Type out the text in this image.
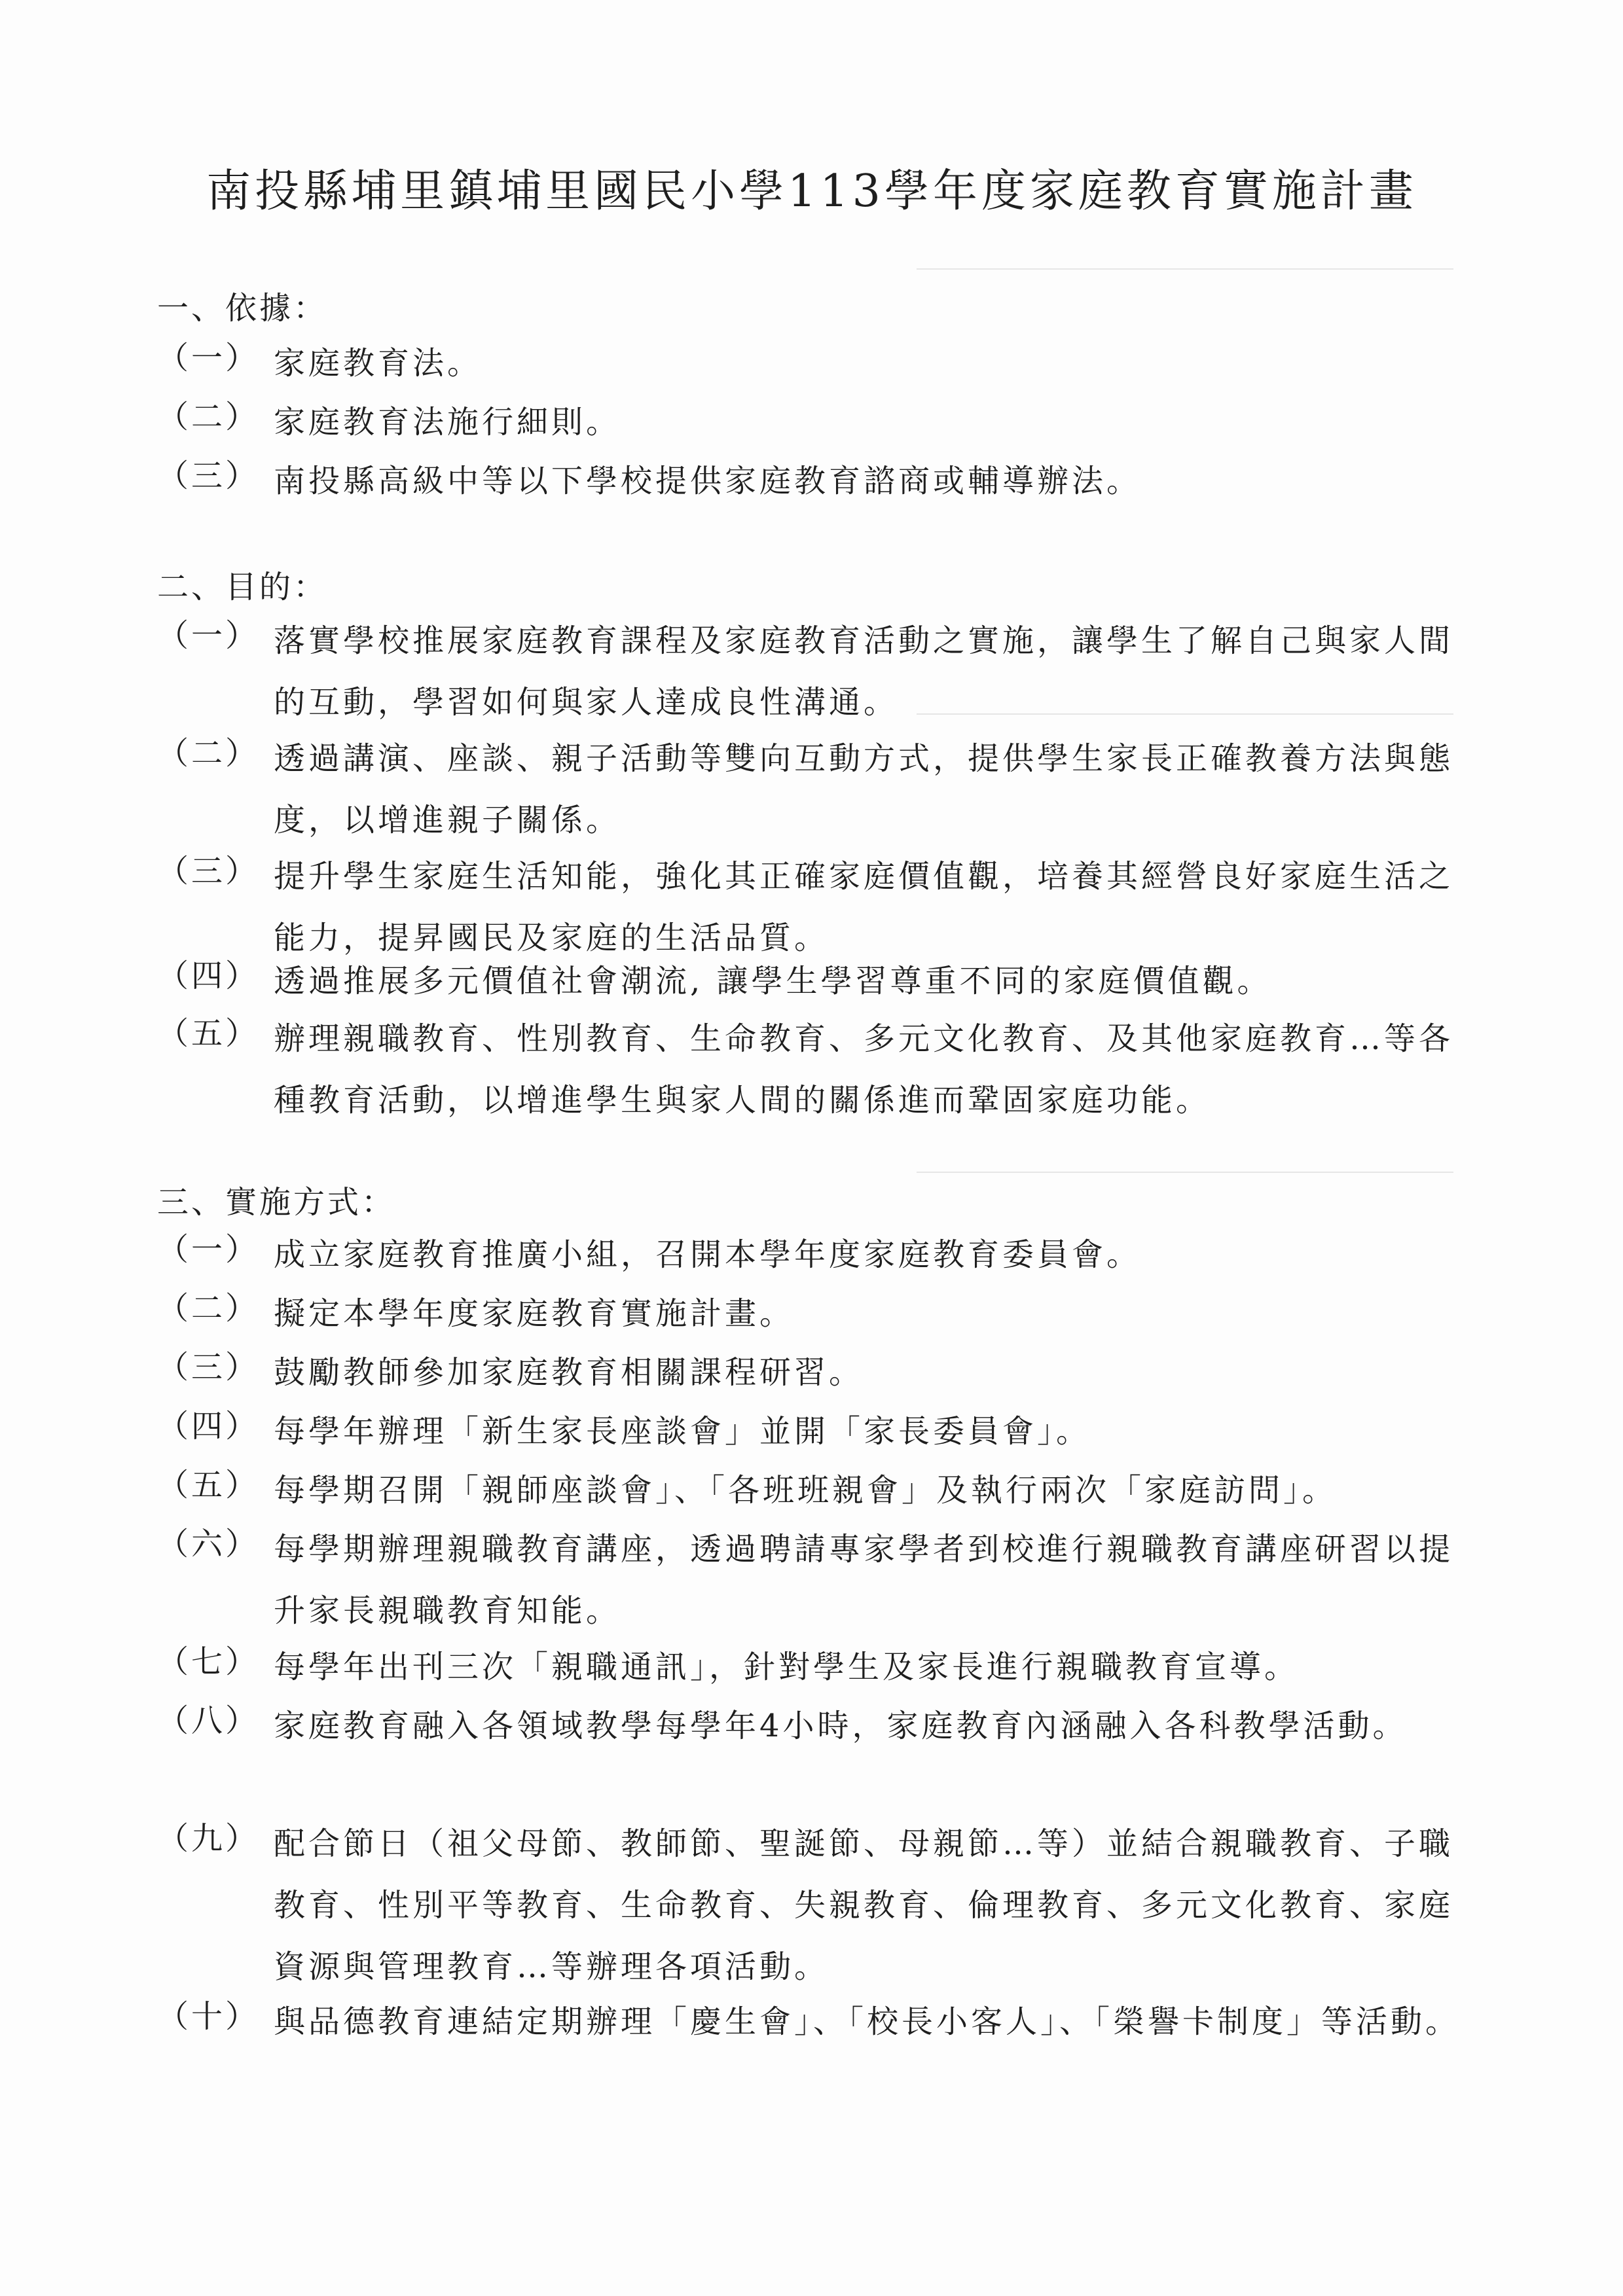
南投縣埔里鎮埔里國民小學113學年度家庭教育實施計畫
一、依據：
（一） 家庭教育法。
（二） 家庭教育法施行細則。
（三） 南投縣高級中等以下學校提供家庭教育諮商或輔導辦法。
二、目的：
（一） 落實學校推展家庭教育課程及家庭教育活動之實施，讓學生了解自己與家人間的互動，學習如何與家人達成良性溝通。
（二） 透過講演、座談、親子活動等雙向互動方式，提供學生家長正確教養方法與態度，以增進親子關係。
（三） 提升學生家庭生活知能，強化其正確家庭價值觀，培養其經營良好家庭生活之能力，提昇國民及家庭的生活品質。
（四） 透過推展多元價值社會潮流, 讓學生學習尊重不同的家庭價值觀。
（五） 辦理親職教育、性別教育、生命教育、多元文化教育、及其他家庭教育…等各種教育活動，以增進學生與家人間的關係進而鞏固家庭功能。
三、實施方式：
（一） 成立家庭教育推廣小組，召開本學年度家庭教育委員會。
（二） 擬定本學年度家庭教育實施計畫。
（三） 鼓勵教師參加家庭教育相關課程研習。
（四） 每學年辦理「新生家長座談會」並開「家長委員會」。
（五） 每學期召開「親師座談會」、「各班班親會」及執行兩次「家庭訪問」。
（六） 每學期辦理親職教育講座，透過聘請專家學者到校進行親職教育講座研習以提升家長親職教育知能。
（七） 每學年出刊三次「親職通訊」，針對學生及家長進行親職教育宣導。
（八） 家庭教育融入各領域教學每學年4小時，家庭教育內涵融入各科教學活動。
（九） 配合節日（祖父母節、教師節、聖誕節、母親節…等）並結合親職教育、子職教育、性別平等教育、生命教育、失親教育、倫理教育、多元文化教育、家庭資源與管理教育…等辦理各項活動。
（十） 與品德教育連結定期辦理「慶生會」、「校長小客人」、「榮譽卡制度」等活動。
